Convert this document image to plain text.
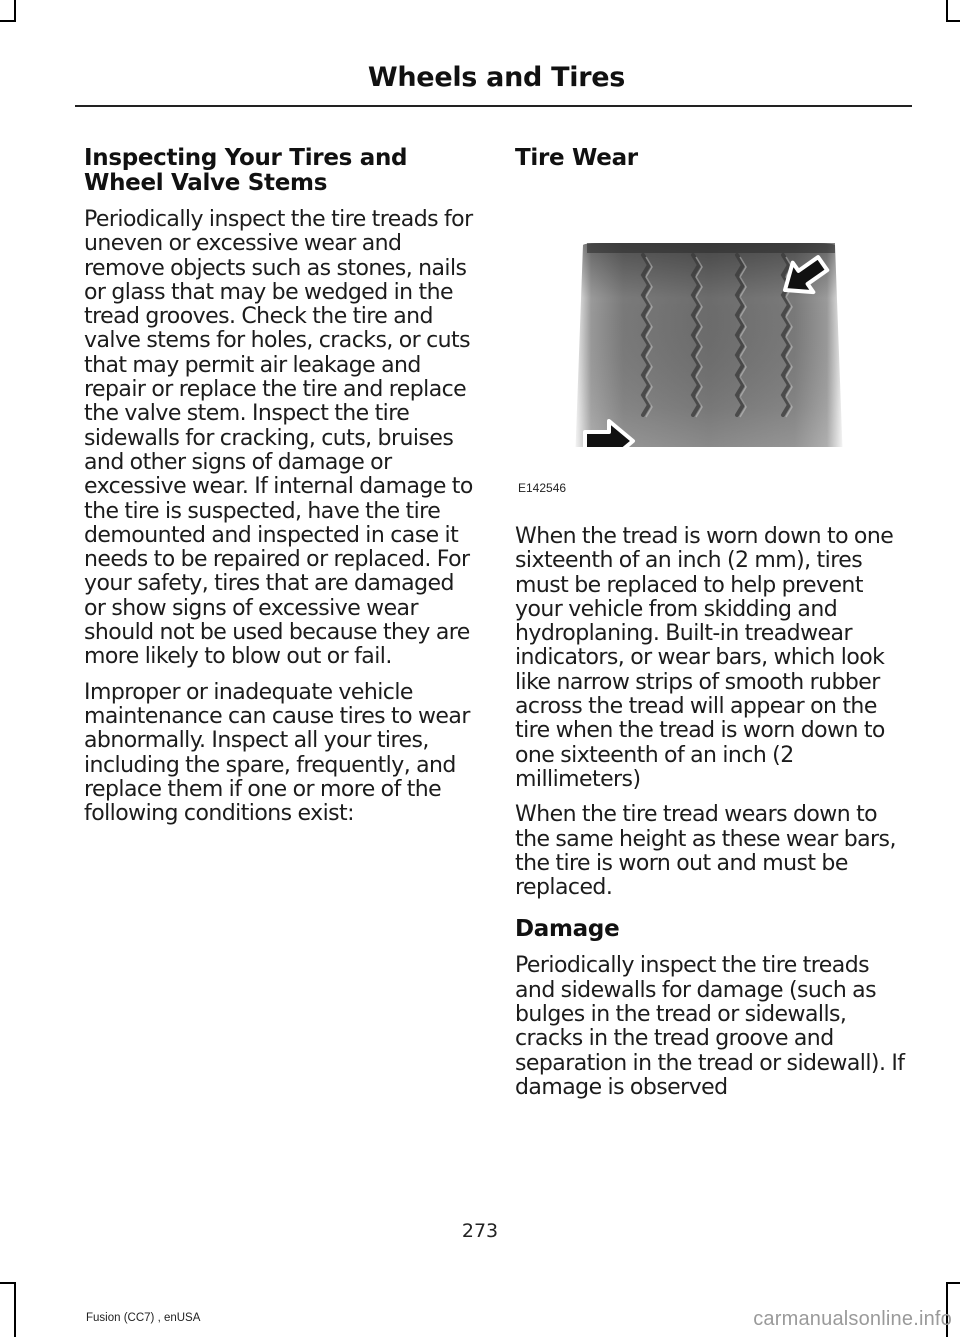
Wheels and Tires
Inspecting Your Tires and Wheel Valve Stems

Periodically inspect the tire treads for uneven or excessive wear and remove objects such as stones, nails or glass that may be wedged in the tread grooves. Check the tire and valve stems for holes, cracks, or cuts that may permit air leakage and repair or replace the tire and replace the valve stem. Inspect the tire sidewalls for cracking, cuts, bruises and other signs of damage or excessive wear. If internal damage to the tire is suspected, have the tire demounted and inspected in case it needs to be repaired or replaced. For your safety, tires that are damaged or show signs of excessive wear should not be used because they are more likely to blow out or fail.

Improper or inadequate vehicle maintenance can cause tires to wear abnormally. Inspect all your tires, including the spare, frequently, and replace them if one or more of the following conditions exist:

Tire Wear
E142546

When the tread is worn down to one sixteenth of an inch (2 mm), tires must be replaced to help prevent your vehicle from skidding and hydroplaning. Built-in treadwear indicators, or wear bars, which look like narrow strips of smooth rubber across the tread will appear on the tire when the tread is worn down to one sixteenth of an inch (2 millimeters)

When the tire tread wears down to the same height as these wear bars, the tire is worn out and must be replaced.

Damage

Periodically inspect the tire treads and sidewalls for damage (such as bulges in the tread or sidewalls, cracks in the tread groove and separation in the tread or sidewall). If damage is observed

273
Fusion (CC7) , enUSA	carmanualsonline.info
